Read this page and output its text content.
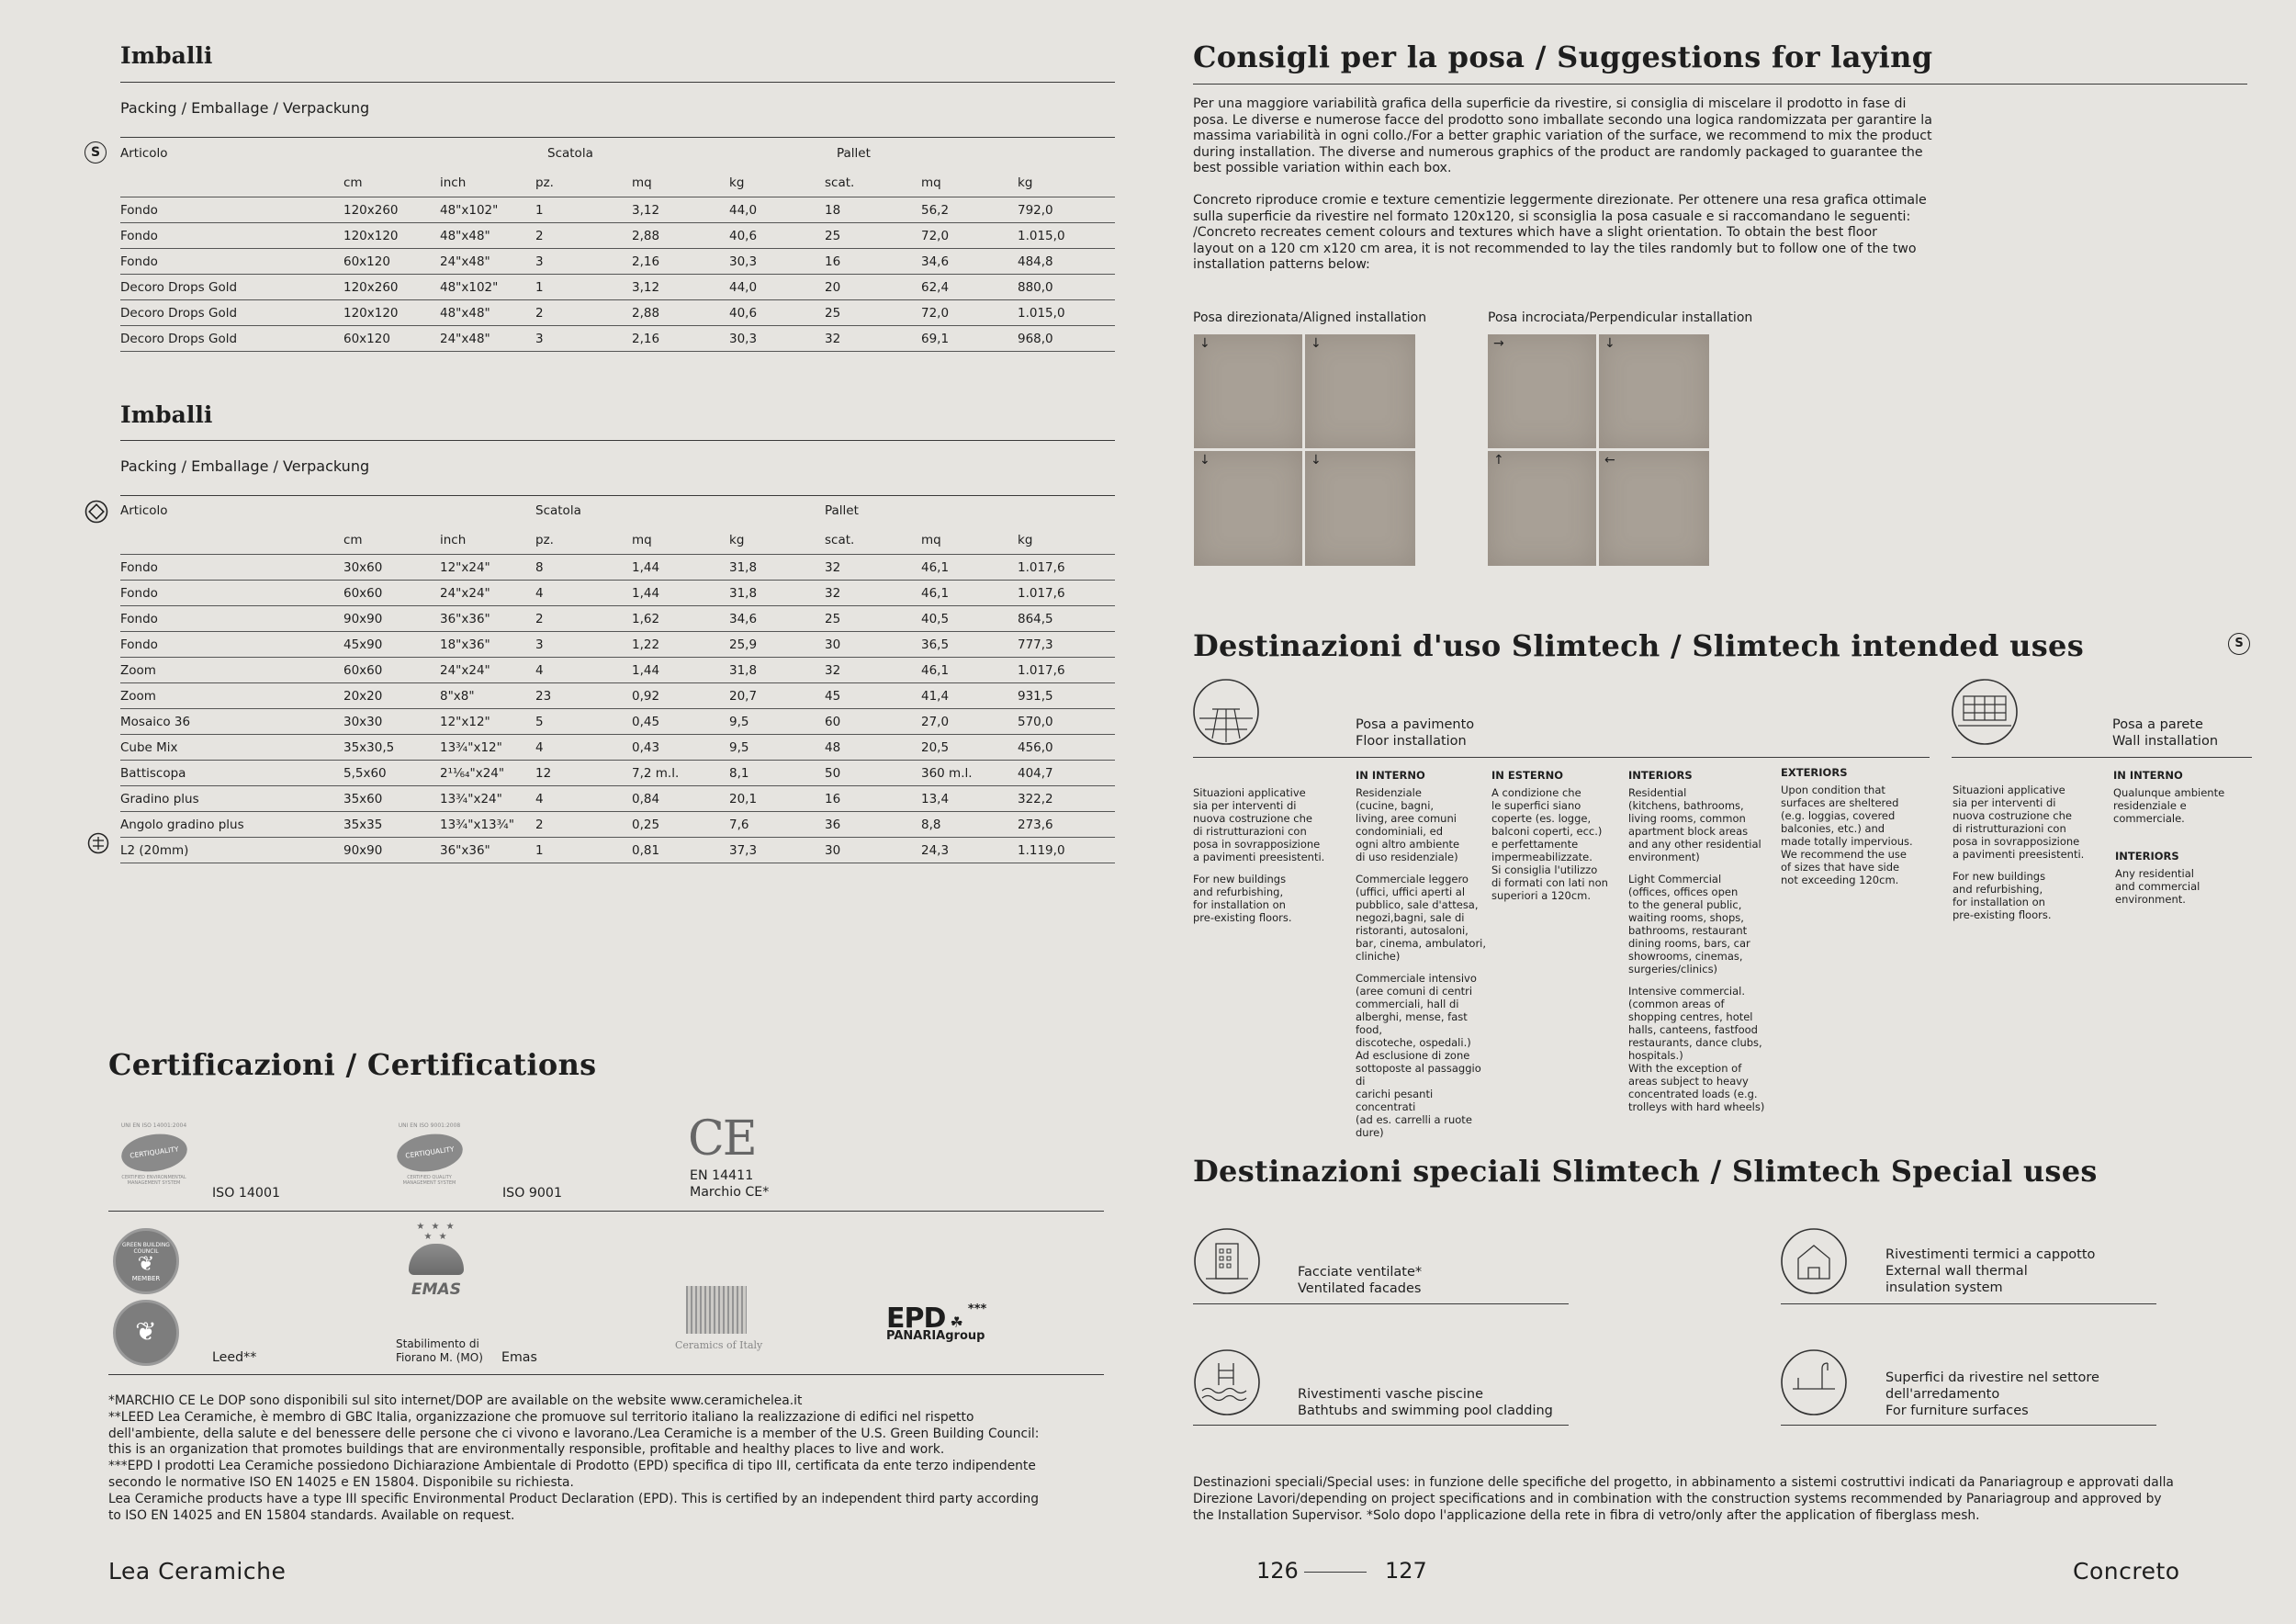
Imballi
Packing / Emballage / Verpackung
S	Articolo			Scatola			Pallet		
	cm	inch	pz.	mq	kg	scat.	mq	kg
Fondo	120x260	48"x102"	1	3,12	44,0	18	56,2	792,0
Fondo	120x120	48"x48"	2	2,88	40,6	25	72,0	1.015,0
Fondo	60x120	24"x48"	3	2,16	30,3	16	34,6	484,8
Decoro Drops Gold	120x260	48"x102"	1	3,12	44,0	20	62,4	880,0
Decoro Drops Gold	120x120	48"x48"	2	2,88	40,6	25	72,0	1.015,0
Decoro Drops Gold	60x120	24"x48"	3	2,16	30,3	32	69,1	968,0
Imballi
Packing / Emballage / Verpackung
Articolo			Scatola			Pallet		
	cm	inch	pz.	mq	kg	scat.	mq	kg
Fondo	30x60	12"x24"	8	1,44	31,8	32	46,1	1.017,6
Fondo	60x60	24"x24"	4	1,44	31,8	32	46,1	1.017,6
Fondo	90x90	36"x36"	2	1,62	34,6	25	40,5	864,5
Fondo	45x90	18"x36"	3	1,22	25,9	30	36,5	777,3
Zoom	60x60	24"x24"	4	1,44	31,8	32	46,1	1.017,6
Zoom	20x20	8"x8"	23	0,92	20,7	45	41,4	931,5
Mosaico 36	30x30	12"x12"	5	0,45	9,5	60	27,0	570,0
Cube Mix	35x30,5	13¾"x12"	4	0,43	9,5	48	20,5	456,0
Battiscopa	5,5x60	2¹¹⁄₆₄"x24"	12	7,2 m.l.	8,1	50	360 m.l.	404,7
Gradino plus	35x60	13¾"x24"	4	0,84	20,1	16	13,4	322,2
Angolo gradino plus	35x35	13¾"x13¾"	2	0,25	7,6	36	8,8	273,6
L2 (20mm)	90x90	36"x36"	1	0,81	37,3	30	24,3	1.119,0
Certificazioni / Certifications
UNI EN ISO 14001:2004
CERTIQUALITY
CERTIFIED ENVIRONMENTAL
MANAGEMENT SYSTEM
ISO 14001
UNI EN ISO 9001:2008
CERTIQUALITY
CERTIFIED QUALITY
MANAGEMENT SYSTEM
ISO 9001
CE
EN 14411
Marchio CE*
GREEN BUILDING COUNCIL
❦
MEMBER
❦
Leed**
★ ★ ★
★ ★
EMAS
Stabilimento di
Fiorano M. (MO) Emas
Ceramics of Italy
EPD ☘ ***
PANARIAgroup
*MARCHIO CE Le DOP sono disponibili sul sito internet/DOP are available on the website www.ceramichelea.it
**LEED Lea Ceramiche, è membro di GBC Italia, organizzazione che promuove sul territorio italiano la realizzazione di edifici nel rispetto
dell'ambiente, della salute e del benessere delle persone che ci vivono e lavorano./Lea Ceramiche is a member of the U.S. Green Building Council:
this is an organization that promotes buildings that are environmentally responsible, profitable and healthy places to live and work.
***EPD I prodotti Lea Ceramiche possiedono Dichiarazione Ambientale di Prodotto (EPD) specifica di tipo III, certificata da ente terzo indipendente
secondo le normative ISO EN 14025 e EN 15804. Disponibile su richiesta.
Lea Ceramiche products have a type III specific Environmental Product Declaration (EPD). This is certified by an independent third party according
to ISO EN 14025 and EN 15804 standards. Available on request.
Lea Ceramiche
Consigli per la posa / Suggestions for laying
Per una maggiore variabilità grafica della superficie da rivestire, si consiglia di miscelare il prodotto in fase di
posa. Le diverse e numerose facce del prodotto sono imballate secondo una logica randomizzata per garantire la
massima variabilità in ogni collo./For a better graphic variation of the surface, we recommend to mix the product
during installation. The diverse and numerous graphics of the product are randomly packaged to guarantee the
best possible variation within each box.
Concreto riproduce cromie e texture cementizie leggermente direzionate. Per ottenere una resa grafica ottimale
sulla superficie da rivestire nel formato 120x120, si sconsiglia la posa casuale e si raccomandano le seguenti:
/Concreto recreates cement colours and textures which have a slight orientation. To obtain the best floor
layout on a 120 cm x120 cm area, it is not recommended to lay the tiles randomly but to follow one of the two
installation patterns below:
Posa direzionata/Aligned installation	Posa incrociata/Perpendicular installation
↓	↓
↓	↓
→	↓
↑	←
Destinazioni d'uso Slimtech / Slimtech intended uses	S
Posa a pavimento
Floor installation
Posa a parete
Wall installation
Situazioni applicative
sia per interventi di
nuova costruzione che
di ristrutturazioni con
posa in sovrapposizione
a pavimenti preesistenti.
For new buildings
and refurbishing,
for installation on
pre-existing floors.
IN INTERNO
Residenziale
(cucine, bagni,
living, aree comuni
condominiali, ed
ogni altro ambiente
di uso residenziale)
Commerciale leggero
(uffici, uffici aperti al
pubblico, sale d'attesa,
negozi,bagni, sale di
ristoranti, autosaloni,
bar, cinema, ambulatori,
cliniche)
Commerciale intensivo
(aree comuni di centri
commerciali, hall di
alberghi, mense, fast food,
discoteche, ospedali.)
Ad esclusione di zone
sottoposte al passaggio di
carichi pesanti concentrati
(ad es. carrelli a ruote dure)
IN ESTERNO
A condizione che
le superfici siano
coperte (es. logge,
balconi coperti, ecc.)
e perfettamente
impermeabilizzate.
Si consiglia l'utilizzo
di formati con lati non
superiori a 120cm.
INTERIORS
Residential
(kitchens, bathrooms,
living rooms, common
apartment block areas
and any other residential
environment)
Light Commercial
(offices, offices open
to the general public,
waiting rooms, shops,
bathrooms, restaurant
dining rooms, bars, car
showrooms, cinemas,
surgeries/clinics)
Intensive commercial.
(common areas of
shopping centres, hotel
halls, canteens, fastfood
restaurants, dance clubs,
hospitals.)
With the exception of
areas subject to heavy
concentrated loads (e.g.
trolleys with hard wheels)
EXTERIORS
Upon condition that
surfaces are sheltered
(e.g. loggias, covered
balconies, etc.) and
made totally impervious.
We recommend the use
of sizes that have side
not exceeding 120cm.
Situazioni applicative
sia per interventi di
nuova costruzione che
di ristrutturazioni con
posa in sovrapposizione
a pavimenti preesistenti.
For new buildings
and refurbishing,
for installation on
pre-existing floors.
IN INTERNO
Qualunque ambiente
residenziale e
commerciale.
INTERIORS
Any residential
and commercial
environment.
Destinazioni speciali Slimtech / Slimtech Special uses
Facciate ventilate*
Ventilated facades
Rivestimenti termici a cappotto
External wall thermal
insulation system
Rivestimenti vasche piscine
Bathtubs and swimming pool cladding
Superfici da rivestire nel settore
dell'arredamento
For furniture surfaces
Destinazioni speciali/Special uses: in funzione delle specifiche del progetto, in abbinamento a sistemi costruttivi indicati da Panariagroup e approvati dalla
Direzione Lavori/depending on project specifications and in combination with the construction systems recommended by Panariagroup and approved by
the Installation Supervisor. *Solo dopo l'applicazione della rete in fibra di vetro/only after the application of fiberglass mesh.
126	127	Concreto
